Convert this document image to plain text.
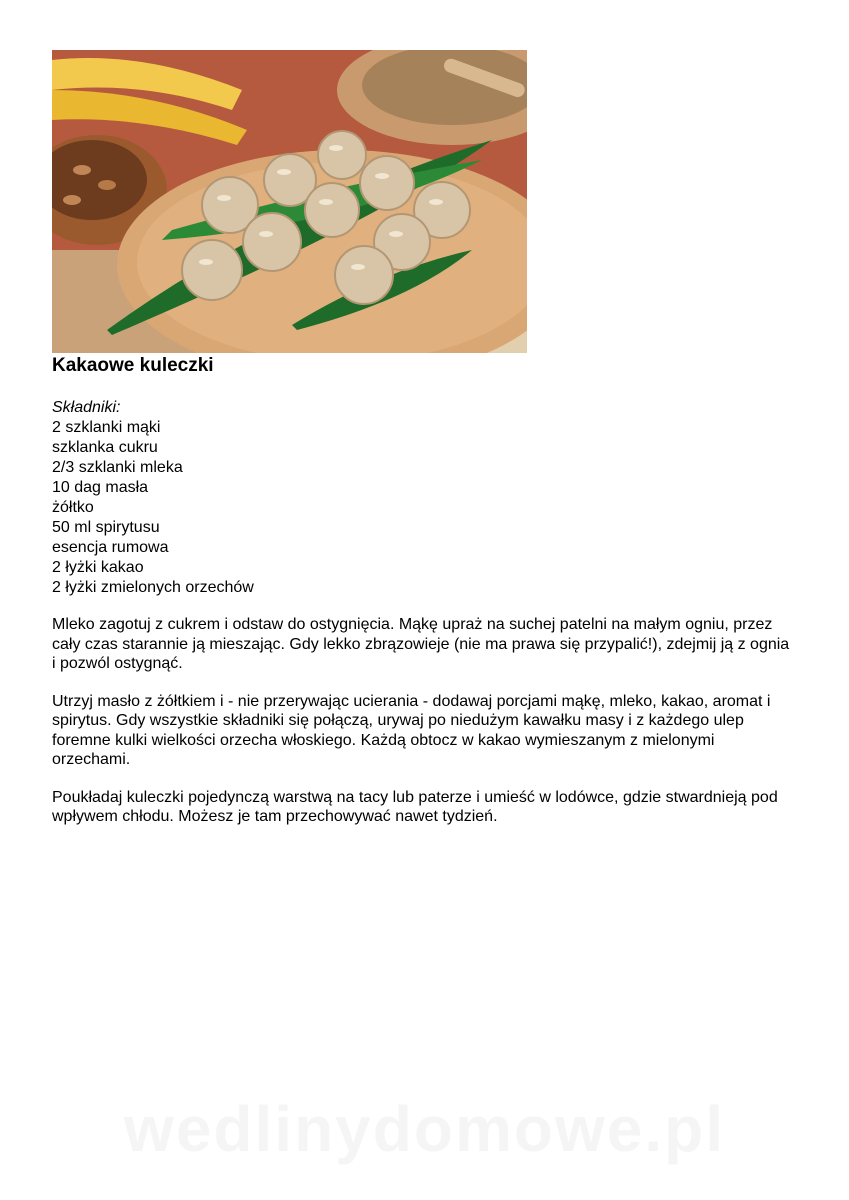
Kakaowe kuleczki
Składniki:
2 szklanki mąki
szklanka cukru
2/3 szklanki mleka
10 dag masła
żółtko
50 ml spirytusu
esencja rumowa
2 łyżki kakao
2 łyżki zmielonych orzechów

Mleko zagotuj z cukrem i odstaw do ostygnięcia. Mąkę upraż na suchej patelni na małym ogniu, przez cały czas starannie ją mieszając. Gdy lekko zbrązowieje (nie ma prawa się przypalić!), zdejmij ją z ognia i pozwól ostygnąć.

Utrzyj masło z żółtkiem i - nie przerywając ucierania - dodawaj porcjami mąkę, mleko, kakao, aromat i spirytus. Gdy wszystkie składniki się połączą, urywaj po niedużym kawałku masy i z każdego ulep foremne kulki wielkości orzecha włoskiego. Każdą obtocz w kakao wymieszanym z mielonymi orzechami.

Poukładaj kuleczki pojedynczą warstwą na tacy lub paterze i umieść w lodówce, gdzie stwardnieją pod wpływem chłodu. Możesz je tam przechowywać nawet tydzień.

wedlinydomowe.pl
